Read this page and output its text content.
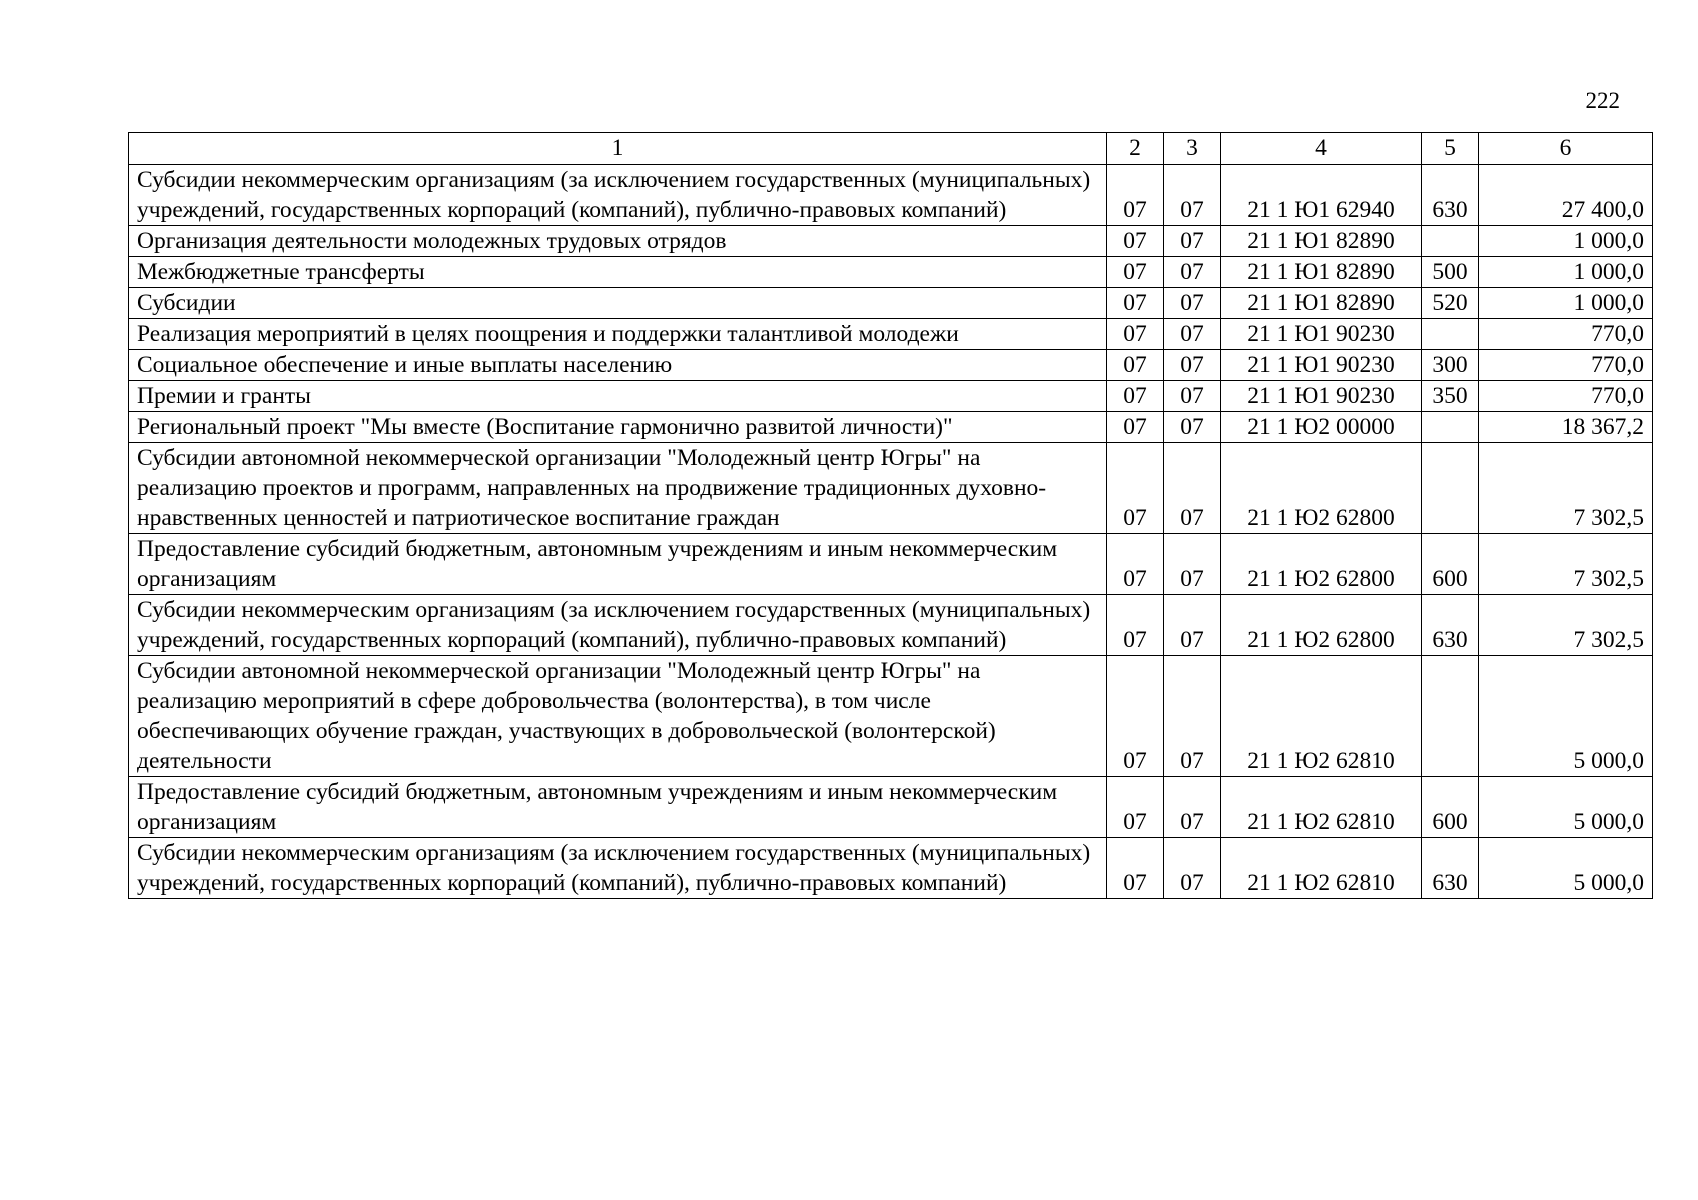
222
1	2	3	4	5	6
Субсидии некоммерческим организациям (за исключением государственных (муниципальных) учреждений, государственных корпораций (компаний), публично-правовых компаний)	07	07	21 1 Ю1 62940	630	27 400,0
Организация деятельности молодежных трудовых отрядов	07	07	21 1 Ю1 82890		1 000,0
Межбюджетные трансферты	07	07	21 1 Ю1 82890	500	1 000,0
Субсидии	07	07	21 1 Ю1 82890	520	1 000,0
Реализация мероприятий в целях поощрения и поддержки талантливой молодежи	07	07	21 1 Ю1 90230		770,0
Социальное обеспечение и иные выплаты населению	07	07	21 1 Ю1 90230	300	770,0
Премии и гранты	07	07	21 1 Ю1 90230	350	770,0
Региональный проект "Мы вместе (Воспитание гармонично развитой личности)"	07	07	21 1 Ю2 00000		18 367,2
Субсидии автономной некоммерческой организации "Молодежный центр Югры" на реализацию проектов и программ, направленных на продвижение традиционных духовно-нравственных ценностей и патриотическое воспитание граждан	07	07	21 1 Ю2 62800		7 302,5
Предоставление субсидий бюджетным, автономным учреждениям и иным некоммерческим организациям	07	07	21 1 Ю2 62800	600	7 302,5
Субсидии некоммерческим организациям (за исключением государственных (муниципальных) учреждений, государственных корпораций (компаний), публично-правовых компаний)	07	07	21 1 Ю2 62800	630	7 302,5
Субсидии автономной некоммерческой организации "Молодежный центр Югры" на реализацию мероприятий в сфере добровольчества (волонтерства), в том числе обеспечивающих обучение граждан, участвующих в добровольческой (волонтерской) деятельности	07	07	21 1 Ю2 62810		5 000,0
Предоставление субсидий бюджетным, автономным учреждениям и иным некоммерческим организациям	07	07	21 1 Ю2 62810	600	5 000,0
Субсидии некоммерческим организациям (за исключением государственных (муниципальных) учреждений, государственных корпораций (компаний), публично-правовых компаний)	07	07	21 1 Ю2 62810	630	5 000,0
